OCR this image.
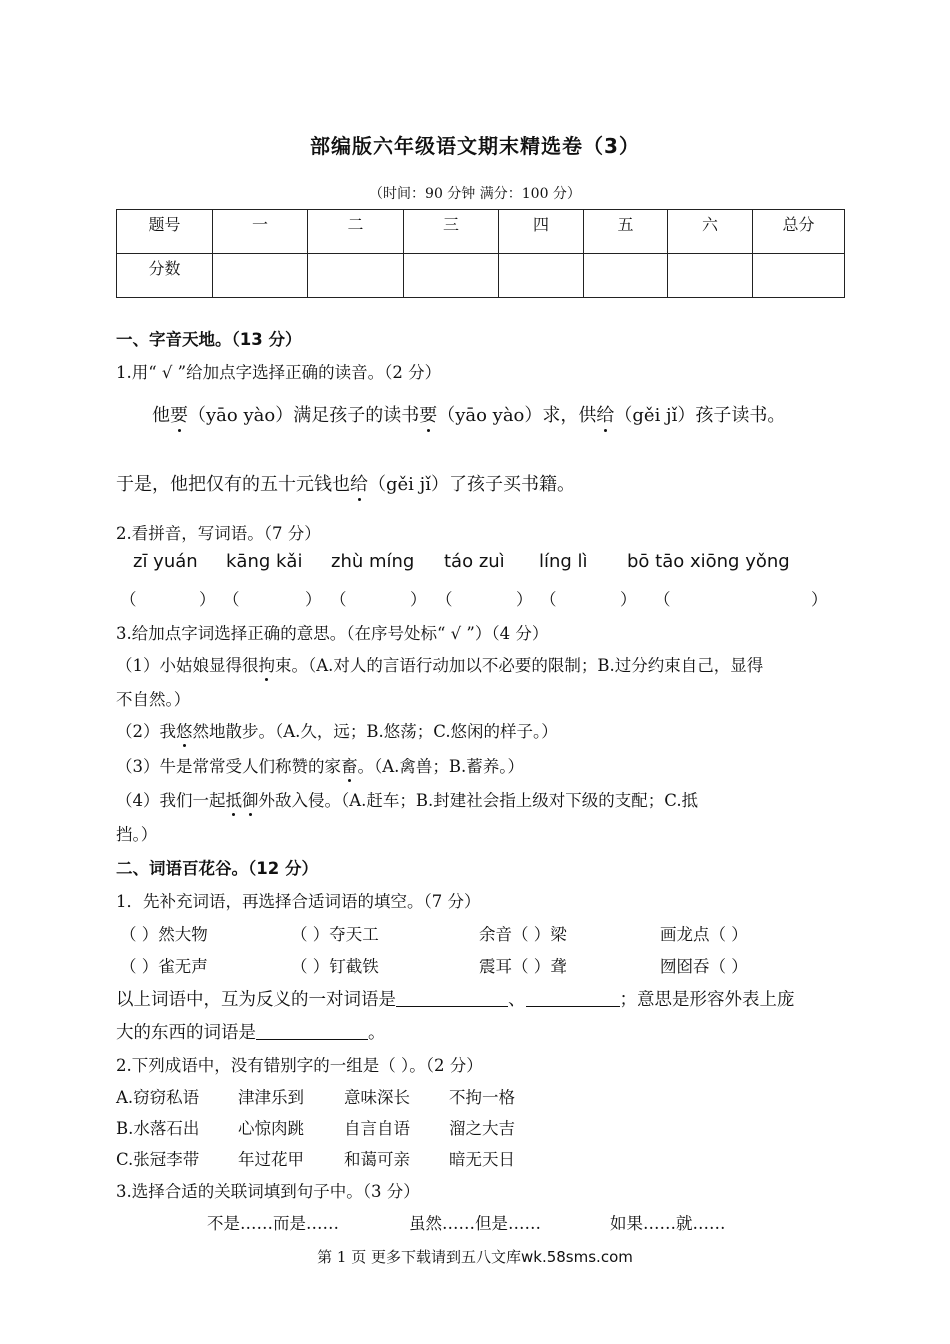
部编版六年级语文期末精选卷（3）
（时间：90 分钟 满分：100 分）
题号	一	二	三	四	五	六	总分
分数							
一、字音天地。（13 分）
1.用“ √ ”给加点字选择正确的读音。（2 分）
他要（yāo yào）满足孩子的读书要（yāo yào）求，供给（gěi jǐ）孩子读书。
于是，他把仅有的五十元钱也给（gěi jǐ）了孩子买书籍。
2.看拼音，写词语。（7 分）
zī yuán kāng kǎi zhù míng táo zuì líng lì bō tāo xiōng yǒng
（	） （	） （	） （	） （	） （	）
3.给加点字词选择正确的意思。（在序号处标“ √ ”）（4 分）
（1）小姑娘显得很拘束。（A.对人的言语行动加以不必要的限制；B.过分约束自己，显得
不自然。）
（2）我悠然地散步。（A.久，远；B.悠荡；C.悠闲的样子。）
（3）牛是常常受人们称赞的家畜。（A.禽兽；B.蓄养。）
（4）我们一起抵御外敌入侵。（A.赶车；B.封建社会指上级对下级的支配；C.抵
挡。）
二、词语百花谷。（12 分）
1．先补充词语，再选择合适词语的填空。（7 分）
（ ）然大物	（ ）夺天工	余音（ ）梁	画龙点（ ）
（ ）雀无声	（ ）钉截铁	震耳（ ）聋	囫囵吞（ ）
以上词语中，互为反义的一对词语是	、	；意思是形容外表上庞
大的东西的词语是	。
2.下列成语中，没有错别字的一组是（ ）。（2 分）
A.窃窃私语 津津乐到 意味深长 不拘一格
B.水落石出 心惊肉跳 自言自语 溜之大吉
C.张冠李带 年过花甲 和蔼可亲 暗无天日
3.选择合适的关联词填到句子中。（3 分）
不是……而是……	虽然……但是……	如果……就……
第 1 页 更多下载请到五八文库wk.58sms.com
